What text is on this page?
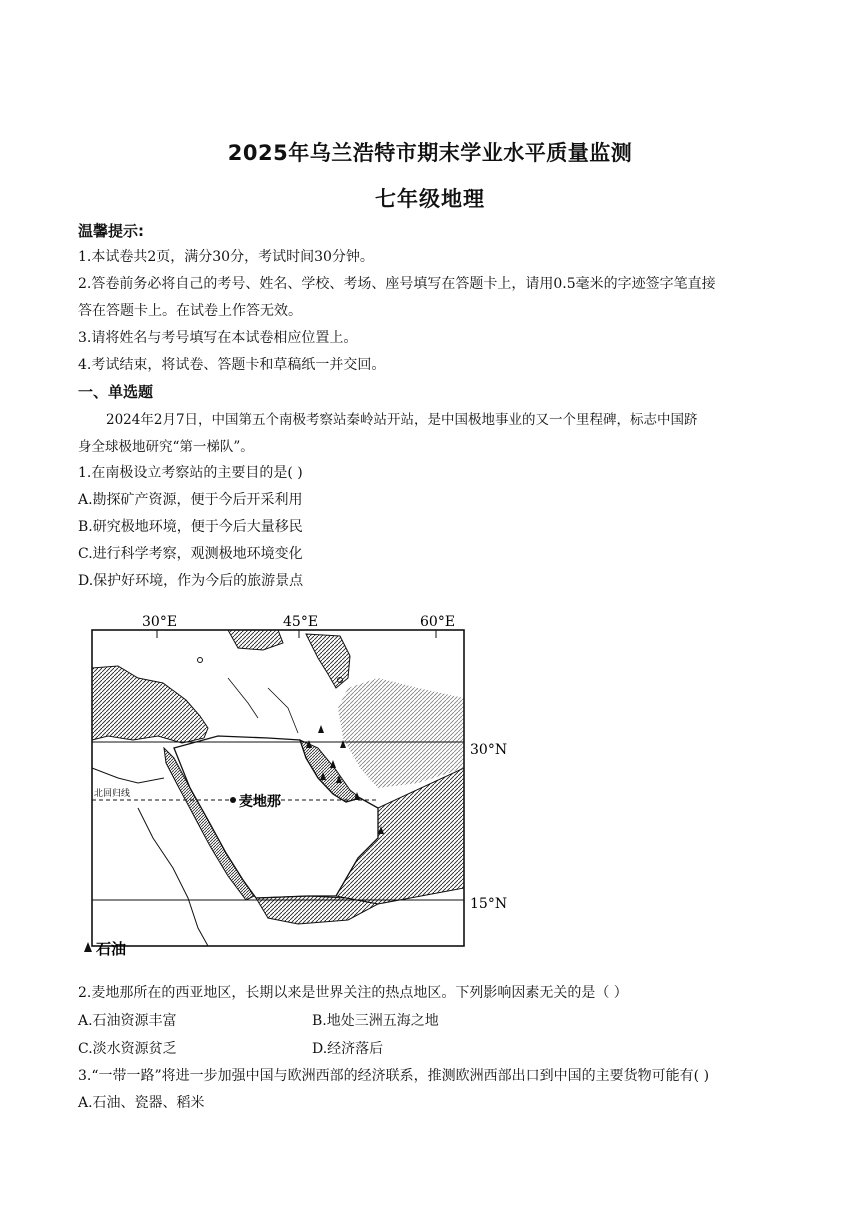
2025年乌兰浩特市期末学业水平质量监测
七年级地理
温馨提示:
1.本试卷共2页，满分30分，考试时间30分钟。
2.答卷前务必将自己的考号、姓名、学校、考场、座号填写在答题卡上，请用0.5毫米的字迹签字笔直接
答在答题卡上。在试卷上作答无效。
3.请将姓名与考号填写在本试卷相应位置上。
4.考试结束，将试卷、答题卡和草稿纸一并交回。
一、单选题
2024年2月7日，中国第五个南极考察站秦岭站开站，是中国极地事业的又一个里程碑，标志中国跻
身全球极地研究“第一梯队”。
1.在南极设立考察站的主要目的是( )
A.勘探矿产资源，便于今后开采利用
B.研究极地环境，便于今后大量移民
C.进行科学考察，观测极地环境变化
D.保护好环境，作为今后的旅游景点
30°E	45°E	60°E
30°N
北回归线
15°N
麦地那
石油
2.麦地那所在的西亚地区，长期以来是世界关注的热点地区。下列影响因素无关的是（ ）
A.石油资源丰富	B.地处三洲五海之地
C.淡水资源贫乏	D.经济落后
3.“一带一路”将进一步加强中国与欧洲西部的经济联系，推测欧洲西部出口到中国的主要货物可能有( )
A.石油、瓷器、稻米
